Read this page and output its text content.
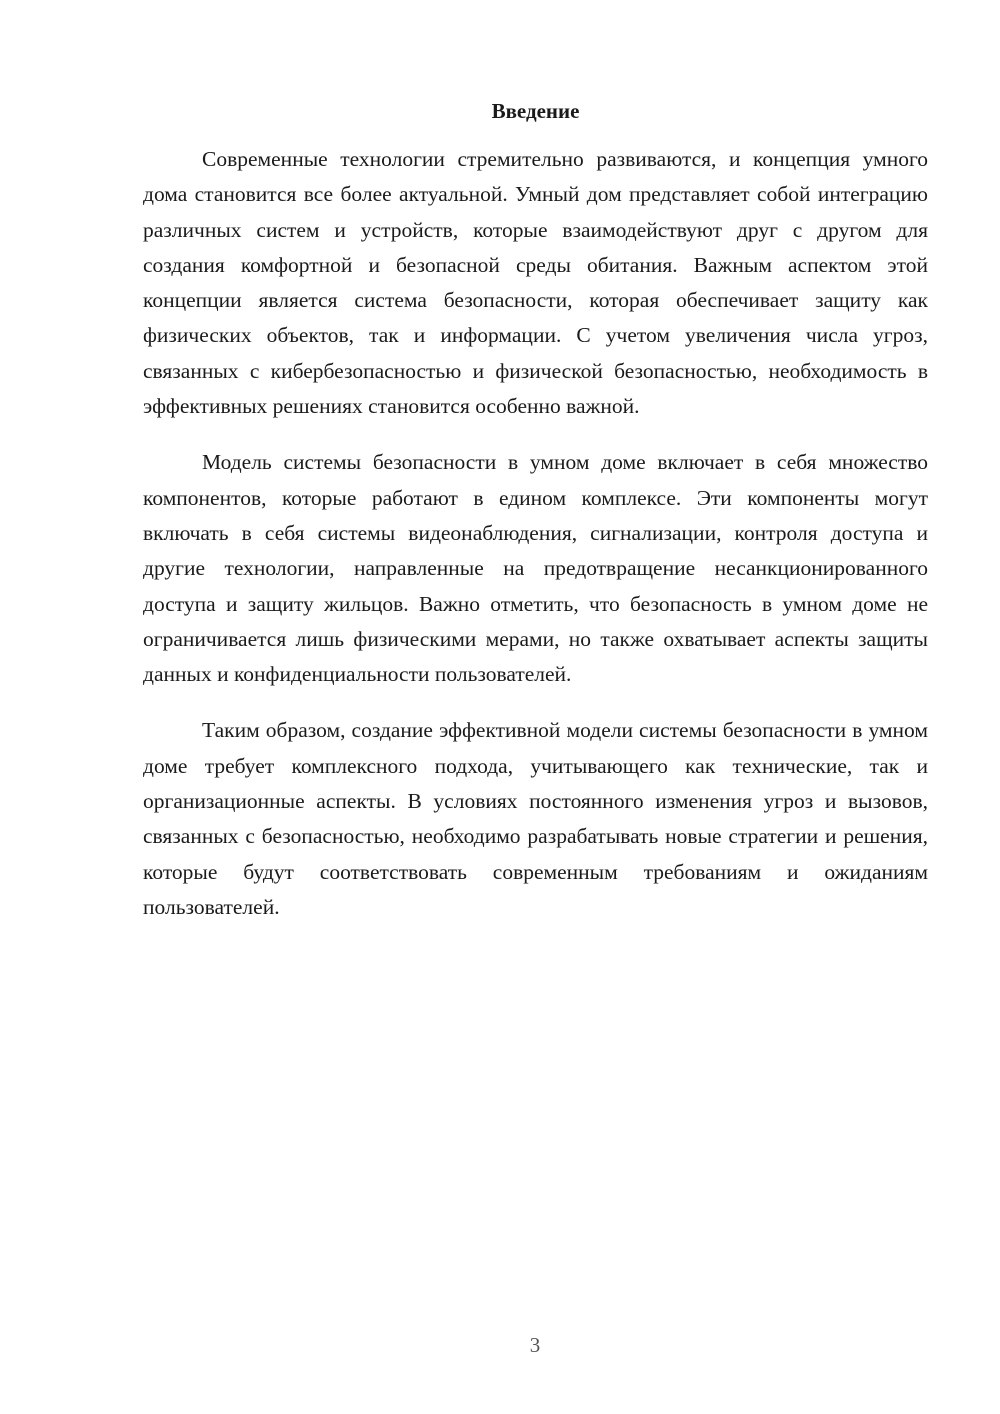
Введение

Современные технологии стремительно развиваются, и концепция умного дома становится все более актуальной. Умный дом представляет собой интеграцию различных систем и устройств, которые взаимодействуют друг с другом для создания комфортной и безопасной среды обитания. Важным аспектом этой концепции является система безопасности, которая обеспечивает защиту как физических объектов, так и информации. С учетом увеличения числа угроз, связанных с кибербезопасностью и физической безопасностью, необходимость в эффективных решениях становится особенно важной.

Модель системы безопасности в умном доме включает в себя множество компонентов, которые работают в едином комплексе. Эти компоненты могут включать в себя системы видеонаблюдения, сигнализации, контроля доступа и другие технологии, направленные на предотвращение несанкционированного доступа и защиту жильцов. Важно отметить, что безопасность в умном доме не ограничивается лишь физическими мерами, но также охватывает аспекты защиты данных и конфиденциальности пользователей.

Таким образом, создание эффективной модели системы безопасности в умном доме требует комплексного подхода, учитывающего как технические, так и организационные аспекты. В условиях постоянного изменения угроз и вызовов, связанных с безопасностью, необходимо разрабатывать новые стратегии и решения, которые будут соответствовать современным требованиям и ожиданиям пользователей.

3
